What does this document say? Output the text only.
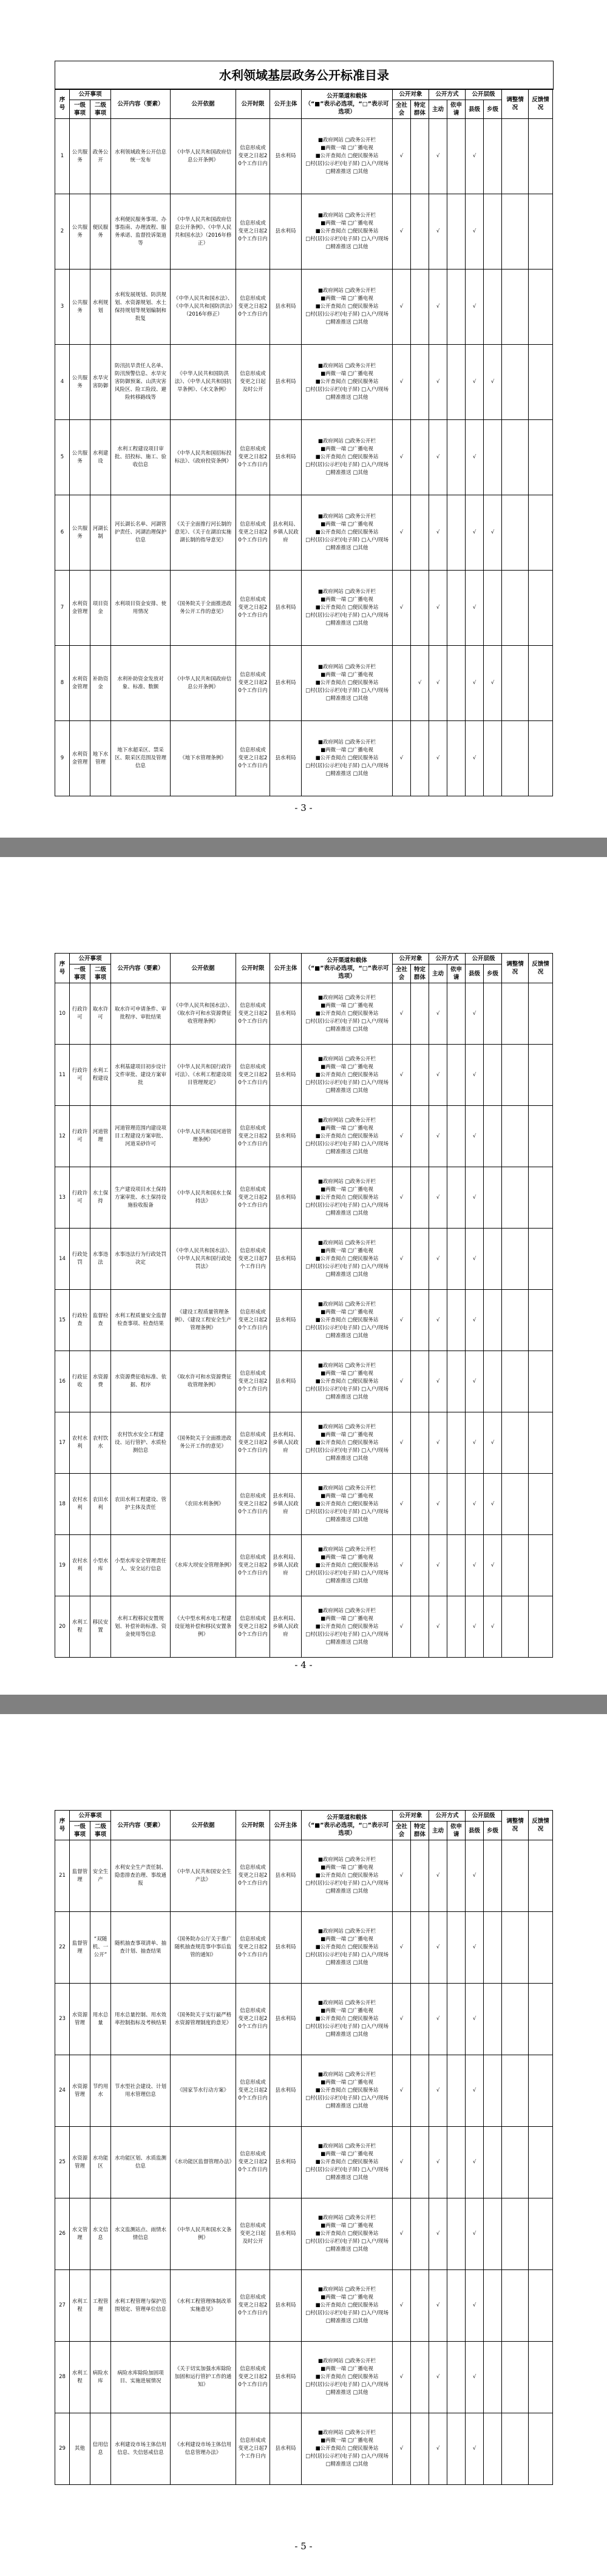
水利领域基层政务公开标准目录
序号	公开事项		公开内容（要素）	公开依据	公开时限	公开主体	公开渠道和载体
（“■”表示必选项，“□”表示可选项）	公开对象		公开方式		公开层级		调整情况	反馈情况
	一级事项	二级事项						全社会	特定群体	主动	依申请	县级	乡级		
1	公共服务	政务公开	水利领域政务公开信息统一发布	《中华人民共和国政府信息公开条例》	信息形成或变更之日起20个工作日内	县水利局	■政府网站 □政务公开栏
■两微一端 □广播电视
■公开查阅点 □便民服务站
□村(居)公示栏(电子屏) □入户/现场
□精准推送 □其他	√		√		√			
2	公共服务	便民服务	水利便民服务事项、办事指南、办理流程、服务承诺、监督投诉渠道等	《中华人民共和国政府信息公开条例》、《中华人民共和国水法》（2016年修正）	信息形成或变更之日起20个工作日内	县水利局	■政府网站 □政务公开栏
■两微一端 □广播电视
■公开查阅点 □便民服务站
□村(居)公示栏(电子屏) □入户/现场
□精准推送 □其他	√		√		√			
3	公共服务	水利规划	水利发展规划、防洪规划、水资源规划、水土保持规划等规划编制和批复	《中华人民共和国水法》、《中华人民共和国防洪法》（2016年修正）	信息形成或变更之日起20个工作日内	县水利局	■政府网站 □政务公开栏
■两微一端 □广播电视
■公开查阅点 □便民服务站
□村(居)公示栏(电子屏) □入户/现场
□精准推送 □其他	√		√		√			
4	公共服务	水旱灾害防御	防汛抗旱责任人名单、防汛预警信息、水旱灾害防御预案、山洪灾害风险区、险工险段、避险转移路线等	《中华人民共和国防洪法》、《中华人民共和国抗旱条例》、《水文条例》	信息形成或变更之日起及时公开	县水利局	■政府网站 □政务公开栏
■两微一端 □广播电视
■公开查阅点 □便民服务站
□村(居)公示栏(电子屏) □入户/现场
□精准推送 □其他	√		√		√	√		
5	公共服务	水利建设	水利工程建设项目审批、招投标、施工、验收信息	《中华人民共和国招标投标法》、《政府投资条例》	信息形成或变更之日起20个工作日内	县水利局	■政府网站 □政务公开栏
■两微一端 □广播电视
■公开查阅点 □便民服务站
□村(居)公示栏(电子屏) □入户/现场
□精准推送 □其他	√		√		√			
6	公共服务	河湖长制	河长湖长名单、河湖管护责任、河湖治理保护信息	《关于全面推行河长制的意见》、《关于在湖泊实施湖长制的指导意见》	信息形成或变更之日起20个工作日内	县水利局、乡镇人民政府	■政府网站 □政务公开栏
■两微一端 □广播电视
■公开查阅点 □便民服务站
□村(居)公示栏(电子屏) □入户/现场
□精准推送 □其他	√		√		√	√		
7	水利资金管理	项目资金	水利项目资金安排、使用情况	《国务院关于全面推进政务公开工作的意见》	信息形成或变更之日起20个工作日内	县水利局	■政府网站 □政务公开栏
■两微一端 □广播电视
■公开查阅点 □便民服务站
□村(居)公示栏(电子屏) □入户/现场
□精准推送 □其他	√		√		√			
8	水利资金管理	补助资金	水利补助资金发放对象、标准、数额	《中华人民共和国政府信息公开条例》	信息形成或变更之日起20个工作日内	县水利局	■政府网站 □政务公开栏
■两微一端 □广播电视
■公开查阅点 □便民服务站
□村(居)公示栏(电子屏) □入户/现场
□精准推送 □其他		√	√		√	√		
9	水利资金管理	地下水管理	地下水超采区、禁采区、限采区范围及管理信息	《地下水管理条例》	信息形成或变更之日起20个工作日内	县水利局	■政府网站 □政务公开栏
■两微一端 □广播电视
■公开查阅点 □便民服务站
□村(居)公示栏(电子屏) □入户/现场
□精准推送 □其他	√		√		√			
- 3 -
序号	公开事项		公开内容（要素）	公开依据	公开时限	公开主体	公开渠道和载体
（“■”表示必选项，“□”表示可选项）	公开对象		公开方式		公开层级		调整情况	反馈情况
	一级事项	二级事项						全社会	特定群体	主动	依申请	县级	乡级		
10	行政许可	取水许可	取水许可申请条件、审批程序、审批结果	《中华人民共和国水法》、《取水许可和水资源费征收管理条例》	信息形成或变更之日起20个工作日内	县水利局	■政府网站 □政务公开栏
■两微一端 □广播电视
■公开查阅点 □便民服务站
□村(居)公示栏(电子屏) □入户/现场
□精准推送 □其他	√		√		√			
11	行政许可	水利工程建设	水利基建项目初步设计文件审批、建设方案审批	《中华人民共和国行政许可法》、《水利工程建设项目管理规定》	信息形成或变更之日起20个工作日内	县水利局	■政府网站 □政务公开栏
■两微一端 □广播电视
■公开查阅点 □便民服务站
□村(居)公示栏(电子屏) □入户/现场
□精准推送 □其他	√		√		√			
12	行政许可	河道管理	河道管理范围内建设项目工程建设方案审批、河道采砂许可	《中华人民共和国河道管理条例》	信息形成或变更之日起20个工作日内	县水利局	■政府网站 □政务公开栏
■两微一端 □广播电视
■公开查阅点 □便民服务站
□村(居)公示栏(电子屏) □入户/现场
□精准推送 □其他	√		√		√			
13	行政许可	水土保持	生产建设项目水土保持方案审批、水土保持设施验收报备	《中华人民共和国水土保持法》	信息形成或变更之日起20个工作日内	县水利局	■政府网站 □政务公开栏
■两微一端 □广播电视
■公开查阅点 □便民服务站
□村(居)公示栏(电子屏) □入户/现场
□精准推送 □其他	√		√		√			
14	行政处罚	水事违法	水事违法行为行政处罚决定	《中华人民共和国水法》、《中华人民共和国行政处罚法》	信息形成或变更之日起7个工作日内	县水利局	■政府网站 □政务公开栏
■两微一端 □广播电视
■公开查阅点 □便民服务站
□村(居)公示栏(电子屏) □入户/现场
□精准推送 □其他	√		√		√			
15	行政检查	监督检查	水利工程质量安全监督检查事项、检查结果	《建设工程质量管理条例》、《建设工程安全生产管理条例》	信息形成或变更之日起20个工作日内	县水利局	■政府网站 □政务公开栏
■两微一端 □广播电视
■公开查阅点 □便民服务站
□村(居)公示栏(电子屏) □入户/现场
□精准推送 □其他	√		√		√			
16	行政征收	水资源费	水资源费征收标准、依据、程序	《取水许可和水资源费征收管理条例》	信息形成或变更之日起20个工作日内	县水利局	■政府网站 □政务公开栏
■两微一端 □广播电视
■公开查阅点 □便民服务站
□村(居)公示栏(电子屏) □入户/现场
□精准推送 □其他	√		√		√			
17	农村水利	农村饮水	农村饮水安全工程建设、运行管护、水质检测信息	《国务院关于全面推进政务公开工作的意见》	信息形成或变更之日起20个工作日内	县水利局、乡镇人民政府	■政府网站 □政务公开栏
■两微一端 □广播电视
■公开查阅点 □便民服务站
□村(居)公示栏(电子屏) □入户/现场
□精准推送 □其他	√		√		√	√		
18	农村水利	农田水利	农田水利工程建设、管护主体及责任	《农田水利条例》	信息形成或变更之日起20个工作日内	县水利局、乡镇人民政府	■政府网站 □政务公开栏
■两微一端 □广播电视
■公开查阅点 □便民服务站
□村(居)公示栏(电子屏) □入户/现场
□精准推送 □其他	√		√		√	√		
19	农村水利	小型水库	小型水库安全管理责任人、安全运行信息	《水库大坝安全管理条例》	信息形成或变更之日起20个工作日内	县水利局、乡镇人民政府	■政府网站 □政务公开栏
■两微一端 □广播电视
■公开查阅点 □便民服务站
□村(居)公示栏(电子屏) □入户/现场
□精准推送 □其他	√		√		√	√		
20	水利工程	移民安置	水利工程移民安置规划、补偿补助标准、资金使用等信息	《大中型水利水电工程建设征地补偿和移民安置条例》	信息形成或变更之日起20个工作日内	县水利局、乡镇人民政府	■政府网站 □政务公开栏
■两微一端 □广播电视
■公开查阅点 □便民服务站
□村(居)公示栏(电子屏) □入户/现场
□精准推送 □其他	√		√		√	√		
- 4 -
序号	公开事项		公开内容（要素）	公开依据	公开时限	公开主体	公开渠道和载体
（“■”表示必选项，“□”表示可选项）	公开对象		公开方式		公开层级		调整情况	反馈情况
	一级事项	二级事项						全社会	特定群体	主动	依申请	县级	乡级		
21	监督管理	安全生产	水利安全生产责任制、隐患排查治理、事故通报	《中华人民共和国安全生产法》	信息形成或变更之日起20个工作日内	县水利局	■政府网站 □政务公开栏
■两微一端 □广播电视
■公开查阅点 □便民服务站
□村(居)公示栏(电子屏) □入户/现场
□精准推送 □其他	√		√		√			
22	监督管理	“双随机、一公开”	随机抽查事项清单、抽查计划、抽查结果	《国务院办公厅关于推广随机抽查规范事中事后监管的通知》	信息形成或变更之日起20个工作日内	县水利局	■政府网站 □政务公开栏
■两微一端 □广播电视
■公开查阅点 □便民服务站
□村(居)公示栏(电子屏) □入户/现场
□精准推送 □其他	√		√		√			
23	水资源管理	用水总量	用水总量控制、用水效率控制指标及考核结果	《国务院关于实行最严格水资源管理制度的意见》	信息形成或变更之日起20个工作日内	县水利局	■政府网站 □政务公开栏
■两微一端 □广播电视
■公开查阅点 □便民服务站
□村(居)公示栏(电子屏) □入户/现场
□精准推送 □其他	√		√		√			
24	水资源管理	节约用水	节水型社会建设、计划用水管理信息	《国家节水行动方案》	信息形成或变更之日起20个工作日内	县水利局	■政府网站 □政务公开栏
■两微一端 □广播电视
■公开查阅点 □便民服务站
□村(居)公示栏(电子屏) □入户/现场
□精准推送 □其他	√		√		√			
25	水资源管理	水功能区	水功能区划、水质监测信息	《水功能区监督管理办法》	信息形成或变更之日起20个工作日内	县水利局	■政府网站 □政务公开栏
■两微一端 □广播电视
■公开查阅点 □便民服务站
□村(居)公示栏(电子屏) □入户/现场
□精准推送 □其他	√		√		√			
26	水文管理	水文信息	水文监测站点、雨情水情信息	《中华人民共和国水文条例》	信息形成或变更之日起及时公开	县水利局	■政府网站 □政务公开栏
■两微一端 □广播电视
■公开查阅点 □便民服务站
□村(居)公示栏(电子屏) □入户/现场
□精准推送 □其他	√		√		√			
27	水利工程	工程管理	水利工程管理与保护范围划定、管理单位信息	《水利工程管理体制改革实施意见》	信息形成或变更之日起20个工作日内	县水利局	■政府网站 □政务公开栏
■两微一端 □广播电视
■公开查阅点 □便民服务站
□村(居)公示栏(电子屏) □入户/现场
□精准推送 □其他	√		√		√			
28	水利工程	病险水库	病险水库除险加固项目、实施进展情况	《关于切实加强水库除险加固和运行管护工作的通知》	信息形成或变更之日起20个工作日内	县水利局	■政府网站 □政务公开栏
■两微一端 □广播电视
■公开查阅点 □便民服务站
□村(居)公示栏(电子屏) □入户/现场
□精准推送 □其他	√		√		√			
29	其他	信用信息	水利建设市场主体信用信息、失信惩戒信息	《水利建设市场主体信用信息管理办法》	信息形成或变更之日起7个工作日内	县水利局	■政府网站 □政务公开栏
■两微一端 □广播电视
■公开查阅点 □便民服务站
□村(居)公示栏(电子屏) □入户/现场
□精准推送 □其他	√		√		√			
- 5 -
